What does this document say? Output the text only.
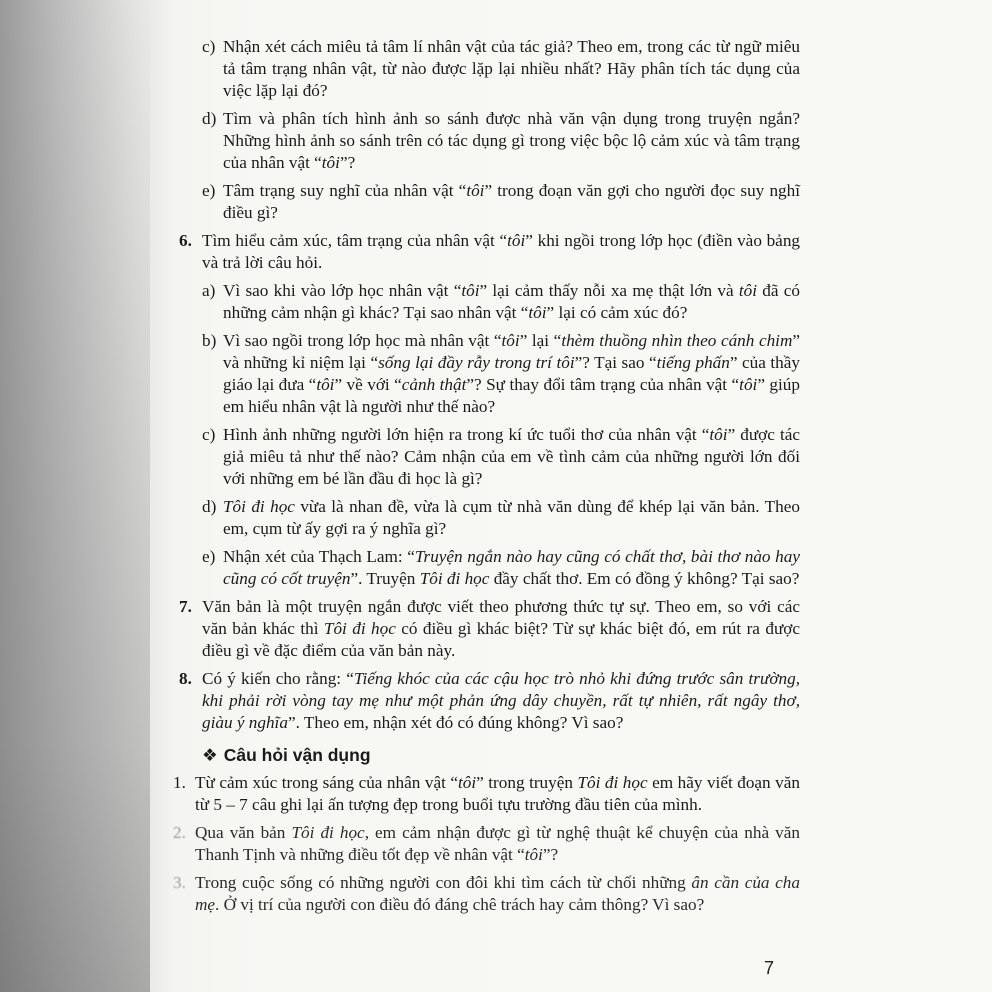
c) Nhận xét cách miêu tả tâm lí nhân vật của tác giả? Theo em, trong các từ ngữ miêu tả tâm trạng nhân vật, từ nào được lặp lại nhiều nhất? Hãy phân tích tác dụng của việc lặp lại đó?
d) Tìm và phân tích hình ảnh so sánh được nhà văn vận dụng trong truyện ngắn? Những hình ảnh so sánh trên có tác dụng gì trong việc bộc lộ cảm xúc và tâm trạng của nhân vật “tôi”?
e) Tâm trạng suy nghĩ của nhân vật “tôi” trong đoạn văn gợi cho người đọc suy nghĩ điều gì?
6. Tìm hiểu cảm xúc, tâm trạng của nhân vật “tôi” khi ngồi trong lớp học (điền vào bảng và trả lời câu hỏi.
a) Vì sao khi vào lớp học nhân vật “tôi” lại cảm thấy nỗi xa mẹ thật lớn và tôi đã có những cảm nhận gì khác? Tại sao nhân vật “tôi” lại có cảm xúc đó?
b) Vì sao ngồi trong lớp học mà nhân vật “tôi” lại “thèm thuồng nhìn theo cánh chim” và những kỉ niệm lại “sống lại đầy rẫy trong trí tôi”? Tại sao “tiếng phấn” của thầy giáo lại đưa “tôi” về với “cảnh thật”? Sự thay đổi tâm trạng của nhân vật “tôi” giúp em hiểu nhân vật là người như thế nào?
c) Hình ảnh những người lớn hiện ra trong kí ức tuổi thơ của nhân vật “tôi” được tác giả miêu tả như thế nào? Cảm nhận của em về tình cảm của những người lớn đối với những em bé lần đầu đi học là gì?
d) Tôi đi học vừa là nhan đề, vừa là cụm từ nhà văn dùng để khép lại văn bản. Theo em, cụm từ ấy gợi ra ý nghĩa gì?
e) Nhận xét của Thạch Lam: “Truyện ngắn nào hay cũng có chất thơ, bài thơ nào hay cũng có cốt truyện”. Truyện Tôi đi học đầy chất thơ. Em có đồng ý không? Tại sao?
7. Văn bản là một truyện ngắn được viết theo phương thức tự sự. Theo em, so với các văn bản khác thì Tôi đi học có điều gì khác biệt? Từ sự khác biệt đó, em rút ra được điều gì về đặc điểm của văn bản này.
8. Có ý kiến cho rằng: “Tiếng khóc của các cậu học trò nhỏ khi đứng trước sân trường, khi phải rời vòng tay mẹ như một phản ứng dây chuyền, rất tự nhiên, rất ngây thơ, giàu ý nghĩa”. Theo em, nhận xét đó có đúng không? Vì sao?
❖ Câu hỏi vận dụng
1. Từ cảm xúc trong sáng của nhân vật “tôi” trong truyện Tôi đi học em hãy viết đoạn văn từ 5 – 7 câu ghi lại ấn tượng đẹp trong buổi tựu trường đầu tiên của mình.
2. Qua văn bản Tôi đi học, em cảm nhận được gì từ nghệ thuật kể chuyện của nhà văn Thanh Tịnh và những điều tốt đẹp về nhân vật “tôi”?
3. Trong cuộc sống có những người con đôi khi tìm cách từ chối những ân cần của cha mẹ. Ở vị trí của người con điều đó đáng chê trách hay cảm thông? Vì sao?
7
